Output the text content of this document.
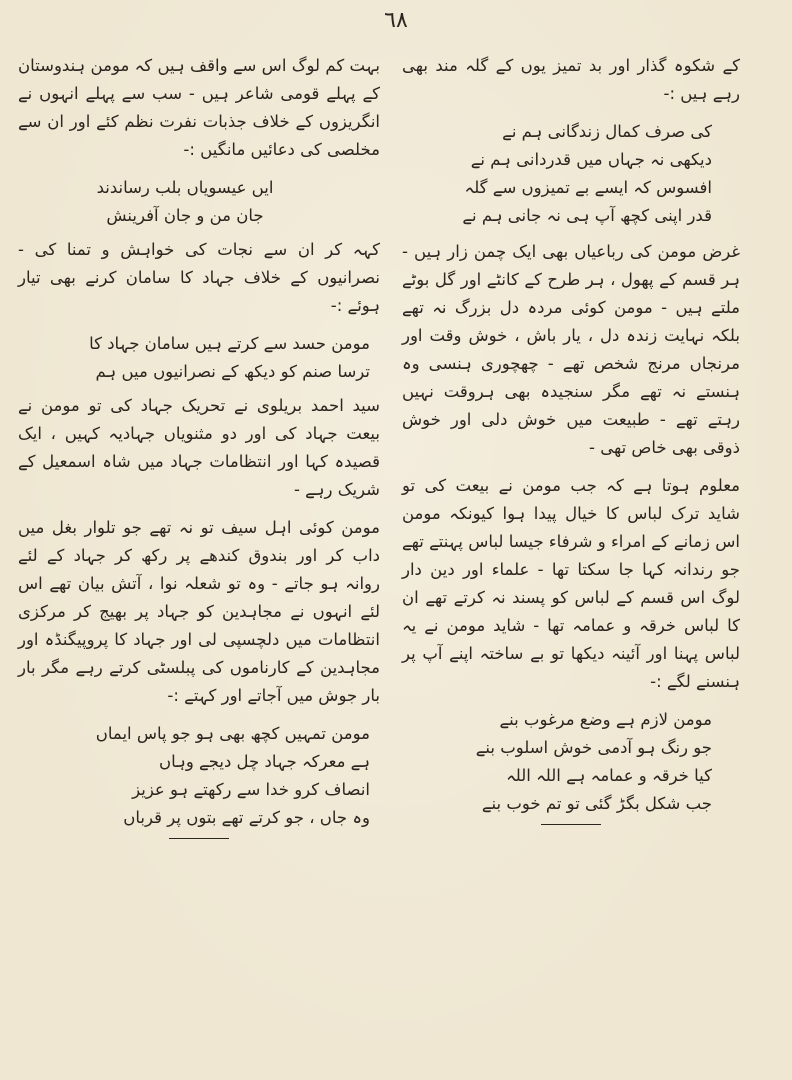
٦٨

کے شکوہ گذار اور بد تمیز یوں کے گلہ مند بھی رہے ہیں :-

کی صرف کمال زندگانی ہم نے
دیکھی نہ جہاں میں قدردانی ہم نے
افسوس کہ ایسے بے تمیزوں سے گلہ
قدر اپنی کچھ آپ ہی نہ جانی ہم نے

غرض مومن کی رباعیاں بھی ایک چمن زار ہیں - ہر قسم کے پھول ، ہر طرح کے کانٹے اور گل بوٹے ملتے ہیں - مومن کوئی مردہ دل بزرگ نہ تھے بلکہ نہایت زندہ دل ، یار باش ، خوش وقت اور مرنجاں مرنج شخص تھے - چھچوری ہنسی وہ ہنستے نہ تھے مگر سنجیدہ بھی ہروقت نہیں رہتے تھے - طبیعت میں خوش دلی اور خوش ذوقی بھی خاص تھی -

معلوم ہوتا ہے کہ جب مومن نے بیعت کی تو شاید ترک لباس کا خیال پیدا ہوا کیونکہ مومن اس زمانے کے امراء و شرفاء جیسا لباس پہنتے تھے جو رندانہ کہا جا سکتا تھا - علماء اور دین دار لوگ اس قسم کے لباس کو پسند نہ کرتے تھے ان کا لباس خرقہ و عمامہ تھا - شاید مومن نے یہ لباس پہنا اور آئینہ دیکھا تو بے ساختہ اپنے آپ پر ہنسنے لگے :-

مومن لازم ہے وضع مرغوب بنے
جو رنگ ہو آدمی خوش اسلوب بنے
کیا خرقہ و عمامہ ہے اللہ اللہ
جب شکل بگڑ گئی تو تم خوب بنے

بہت کم لوگ اس سے واقف ہیں کہ مومن ہندوستان کے پہلے قومی شاعر ہیں - سب سے پہلے انہوں نے انگریزوں کے خلاف جذبات نفرت نظم کئے اور ان سے مخلصی کی دعائیں مانگیں :-

ایں عیسویاں بلب رساندند
جان من و جان آفرینش

کہہ کر ان سے نجات کی خواہش و تمنا کی - نصرانیوں کے خلاف جہاد کا سامان کرنے بھی تیار ہوئے :-

مومن حسد سے کرتے ہیں سامان جہاد کا
ترسا صنم کو دیکھ کے نصرانیوں میں ہم

سید احمد بریلوی نے تحریک جہاد کی تو مومن نے بیعت جہاد کی اور دو مثنویاں جہادیہ کہیں ، ایک قصیدہ کہا اور انتظامات جہاد میں شاہ اسمعیل کے شریک رہے -

مومن کوئی اہل سیف تو نہ تھے جو تلوار بغل میں داب کر اور بندوق کندھے پر رکھ کر جہاد کے لئے روانہ ہو جاتے - وہ تو شعلہ نوا ، آتش بیان تھے اس لئے انہوں نے مجاہدین کو جہاد پر بھیج کر مرکزی انتظامات میں دلچسپی لی اور جہاد کا پروپیگنڈہ اور مجاہدین کے کارناموں کی پبلسٹی کرتے رہے مگر بار بار جوش میں آجاتے اور کہتے :-

مومن تمہیں کچھ بھی ہو جو پاس ایماں
ہے معرکہ جہاد چل دیجے وہاں
انصاف کرو خدا سے رکھتے ہو عزیز
وہ جاں ، جو کرتے تھے بتوں پر قرباں
